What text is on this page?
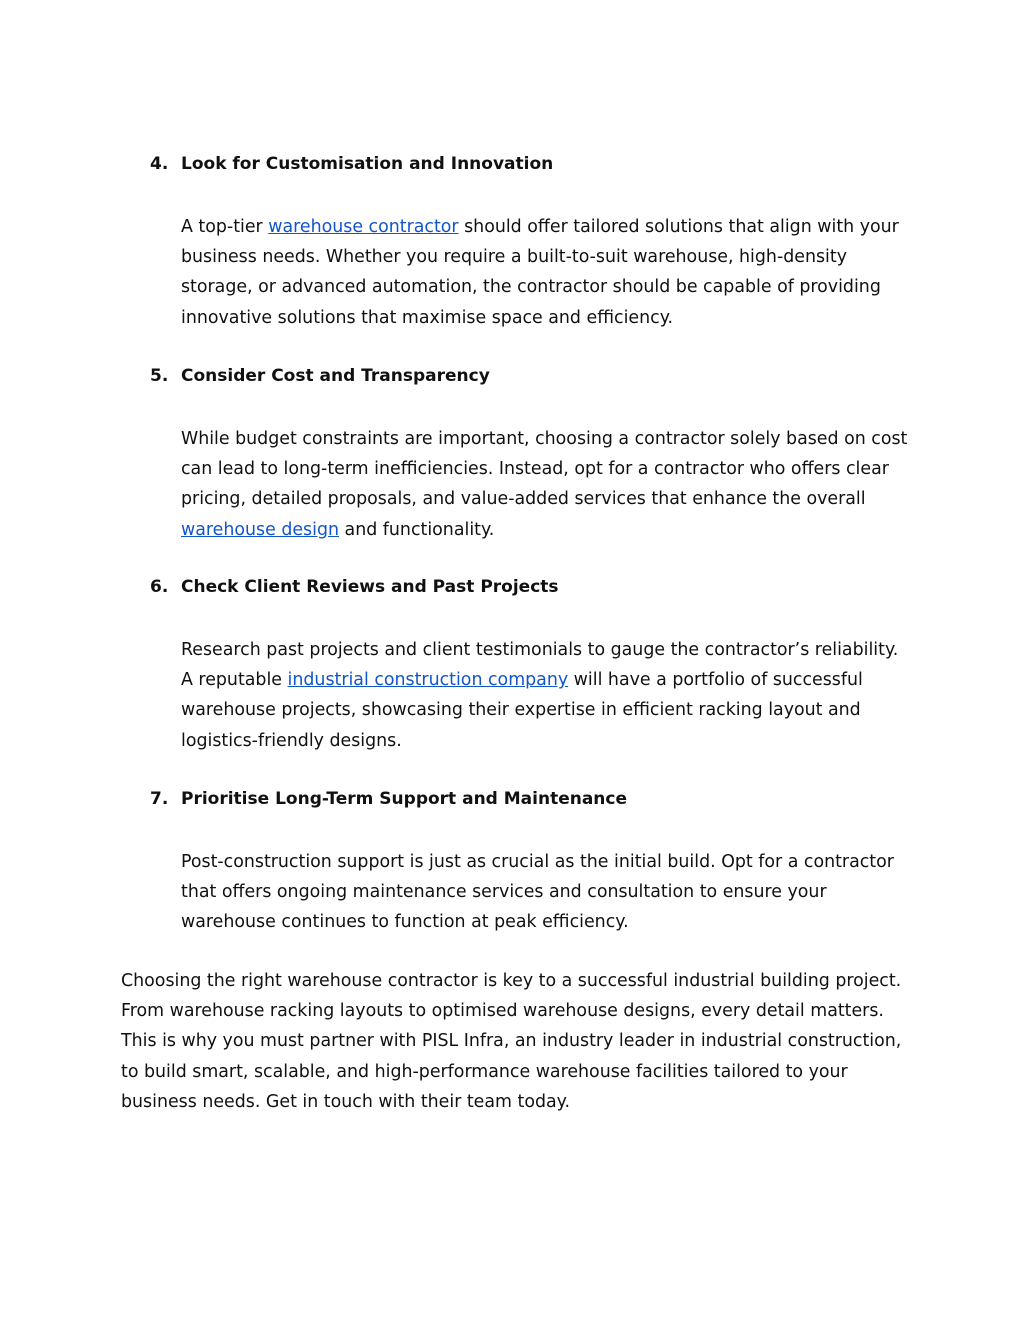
4. Look for Customisation and Innovation

A top-tier warehouse contractor should offer tailored solutions that align with your business needs. Whether you require a built-to-suit warehouse, high-density storage, or advanced automation, the contractor should be capable of providing innovative solutions that maximise space and efficiency.

5. Consider Cost and Transparency

While budget constraints are important, choosing a contractor solely based on cost can lead to long-term inefficiencies. Instead, opt for a contractor who offers clear pricing, detailed proposals, and value-added services that enhance the overall warehouse design and functionality.

6. Check Client Reviews and Past Projects

Research past projects and client testimonials to gauge the contractor’s reliability. A reputable industrial construction company will have a portfolio of successful warehouse projects, showcasing their expertise in efficient racking layout and logistics-friendly designs.

7. Prioritise Long-Term Support and Maintenance

Post-construction support is just as crucial as the initial build. Opt for a contractor that offers ongoing maintenance services and consultation to ensure your warehouse continues to function at peak efficiency.

Choosing the right warehouse contractor is key to a successful industrial building project. From warehouse racking layouts to optimised warehouse designs, every detail matters. This is why you must partner with PISL Infra, an industry leader in industrial construction, to build smart, scalable, and high-performance warehouse facilities tailored to your business needs. Get in touch with their team today.
